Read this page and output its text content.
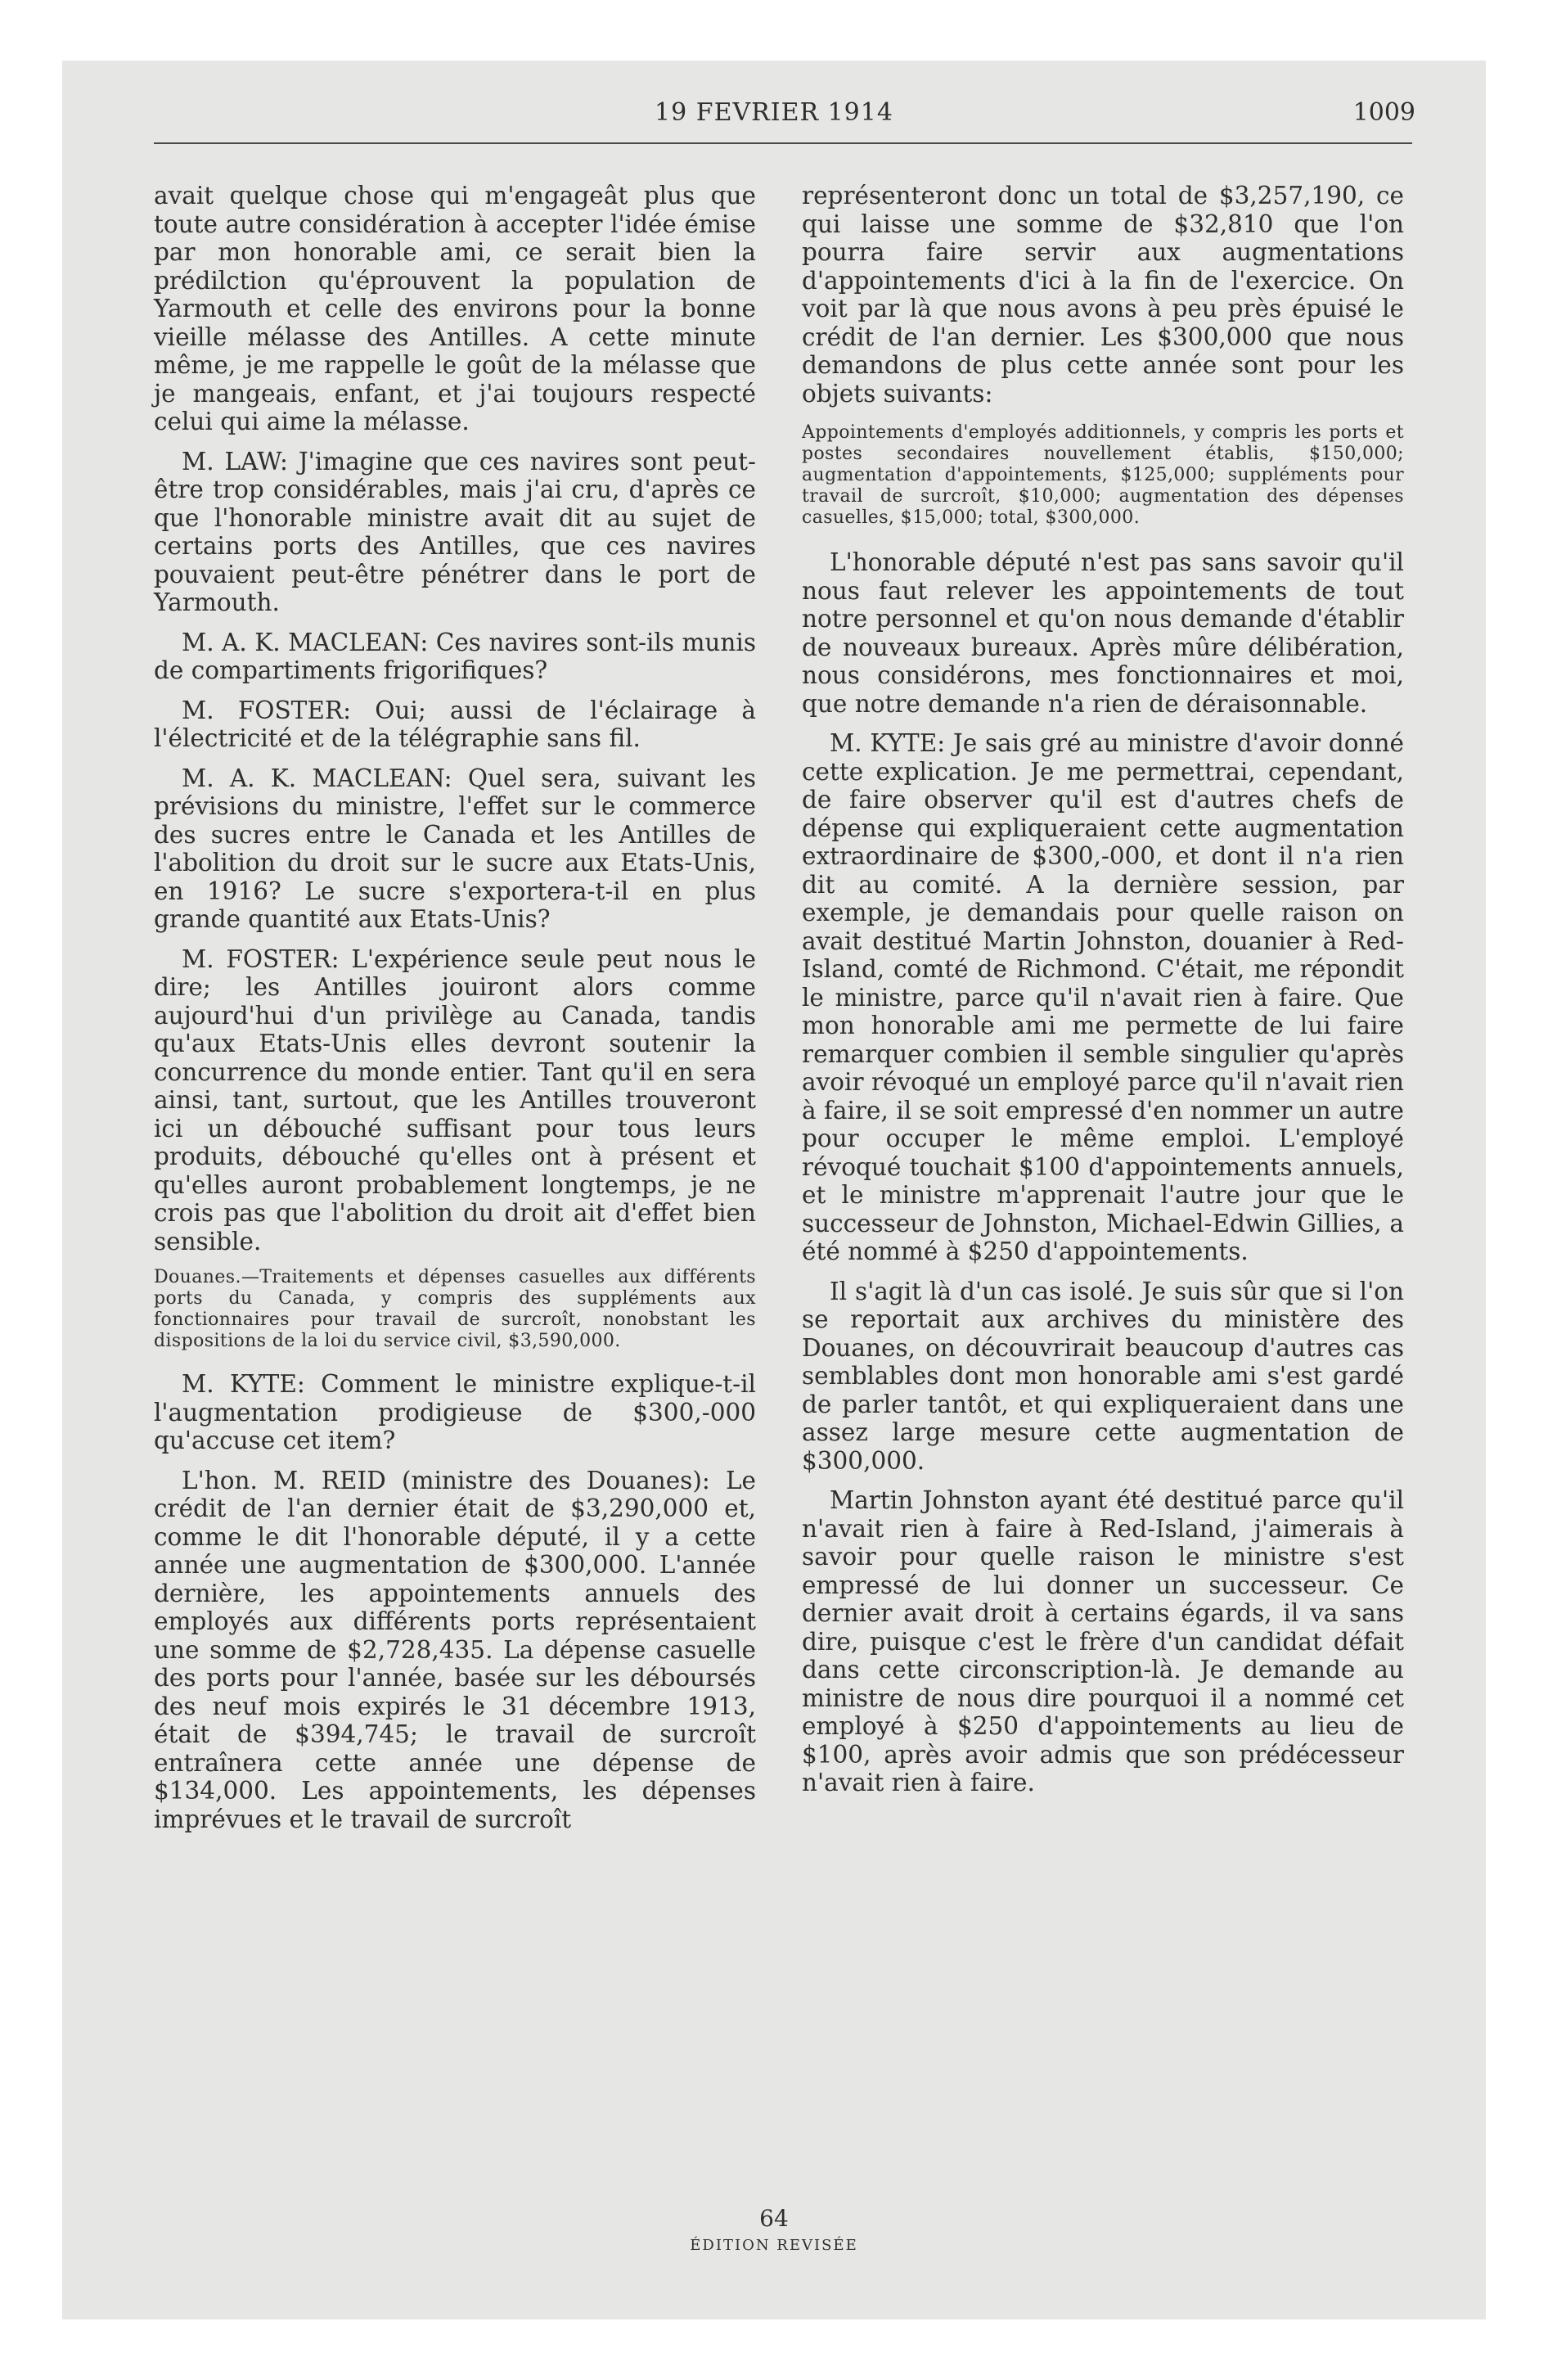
19 FEVRIER 1914	1009

avait quelque chose qui m'engageât plus que toute autre considération à accepter l'idée émise par mon honorable ami, ce serait bien la prédilction qu'éprouvent la population de Yarmouth et celle des environs pour la bonne vieille mélasse des Antilles. A cette minute même, je me rappelle le goût de la mélasse que je mangeais, enfant, et j'ai toujours respecté celui qui aime la mélasse.

M. LAW: J'imagine que ces navires sont peut-être trop considérables, mais j'ai cru, d'après ce que l'honorable ministre avait dit au sujet de certains ports des Antilles, que ces navires pouvaient peut-être pénétrer dans le port de Yarmouth.

M. A. K. MACLEAN: Ces navires sont-ils munis de compartiments frigorifiques?

M. FOSTER: Oui; aussi de l'éclairage à l'électricité et de la télégraphie sans fil.

M. A. K. MACLEAN: Quel sera, suivant les prévisions du ministre, l'effet sur le commerce des sucres entre le Canada et les Antilles de l'abolition du droit sur le sucre aux Etats-Unis, en 1916? Le sucre s'exportera-t-il en plus grande quantité aux Etats-Unis?

M. FOSTER: L'expérience seule peut nous le dire; les Antilles jouiront alors comme aujourd'hui d'un privilège au Canada, tandis qu'aux Etats-Unis elles devront soutenir la concurrence du monde entier. Tant qu'il en sera ainsi, tant, surtout, que les Antilles trouveront ici un débouché suffisant pour tous leurs produits, débouché qu'elles ont à présent et qu'elles auront probablement longtemps, je ne crois pas que l'abolition du droit ait d'effet bien sensible.

Douanes.—Traitements et dépenses casuelles aux différents ports du Canada, y compris des suppléments aux fonctionnaires pour travail de surcroît, nonobstant les dispositions de la loi du service civil, $3,590,000.

M. KYTE: Comment le ministre explique-t-il l'augmentation prodigieuse de $300,-000 qu'accuse cet item?

L'hon. M. REID (ministre des Douanes): Le crédit de l'an dernier était de $3,290,000 et, comme le dit l'honorable député, il y a cette année une augmentation de $300,000. L'année dernière, les appointements annuels des employés aux différents ports représentaient une somme de $2,728,435. La dépense casuelle des ports pour l'année, basée sur les déboursés des neuf mois expirés le 31 décembre 1913, était de $394,745; le travail de surcroît entraînera cette année une dépense de $134,000. Les appointements, les dépenses imprévues et le travail de surcroît

représenteront donc un total de $3,257,190, ce qui laisse une somme de $32,810 que l'on pourra faire servir aux augmentations d'appointements d'ici à la fin de l'exercice. On voit par là que nous avons à peu près épuisé le crédit de l'an dernier. Les $300,000 que nous demandons de plus cette année sont pour les objets suivants:

Appointements d'employés additionnels, y compris les ports et postes secondaires nouvellement établis, $150,000; augmentation d'appointements, $125,000; suppléments pour travail de surcroît, $10,000; augmentation des dépenses casuelles, $15,000; total, $300,000.

L'honorable député n'est pas sans savoir qu'il nous faut relever les appointements de tout notre personnel et qu'on nous demande d'établir de nouveaux bureaux. Après mûre délibération, nous considérons, mes fonctionnaires et moi, que notre demande n'a rien de déraisonnable.

M. KYTE: Je sais gré au ministre d'avoir donné cette explication. Je me permettrai, cependant, de faire observer qu'il est d'autres chefs de dépense qui expliqueraient cette augmentation extraordinaire de $300,-000, et dont il n'a rien dit au comité. A la dernière session, par exemple, je demandais pour quelle raison on avait destitué Martin Johnston, douanier à Red-Island, comté de Richmond. C'était, me répondit le ministre, parce qu'il n'avait rien à faire. Que mon honorable ami me permette de lui faire remarquer combien il semble singulier qu'après avoir révoqué un employé parce qu'il n'avait rien à faire, il se soit empressé d'en nommer un autre pour occuper le même emploi. L'employé révoqué touchait $100 d'appointements annuels, et le ministre m'apprenait l'autre jour que le successeur de Johnston, Michael-Edwin Gillies, a été nommé à $250 d'appointements.

Il s'agit là d'un cas isolé. Je suis sûr que si l'on se reportait aux archives du ministère des Douanes, on découvrirait beaucoup d'autres cas semblables dont mon honorable ami s'est gardé de parler tantôt, et qui expliqueraient dans une assez large mesure cette augmentation de $300,000.

Martin Johnston ayant été destitué parce qu'il n'avait rien à faire à Red-Island, j'aimerais à savoir pour quelle raison le ministre s'est empressé de lui donner un successeur. Ce dernier avait droit à certains égards, il va sans dire, puisque c'est le frère d'un candidat défait dans cette circonscription-là. Je demande au ministre de nous dire pourquoi il a nommé cet employé à $250 d'appointements au lieu de $100, après avoir admis que son prédécesseur n'avait rien à faire.

64
ÉDITION REVISÉE
